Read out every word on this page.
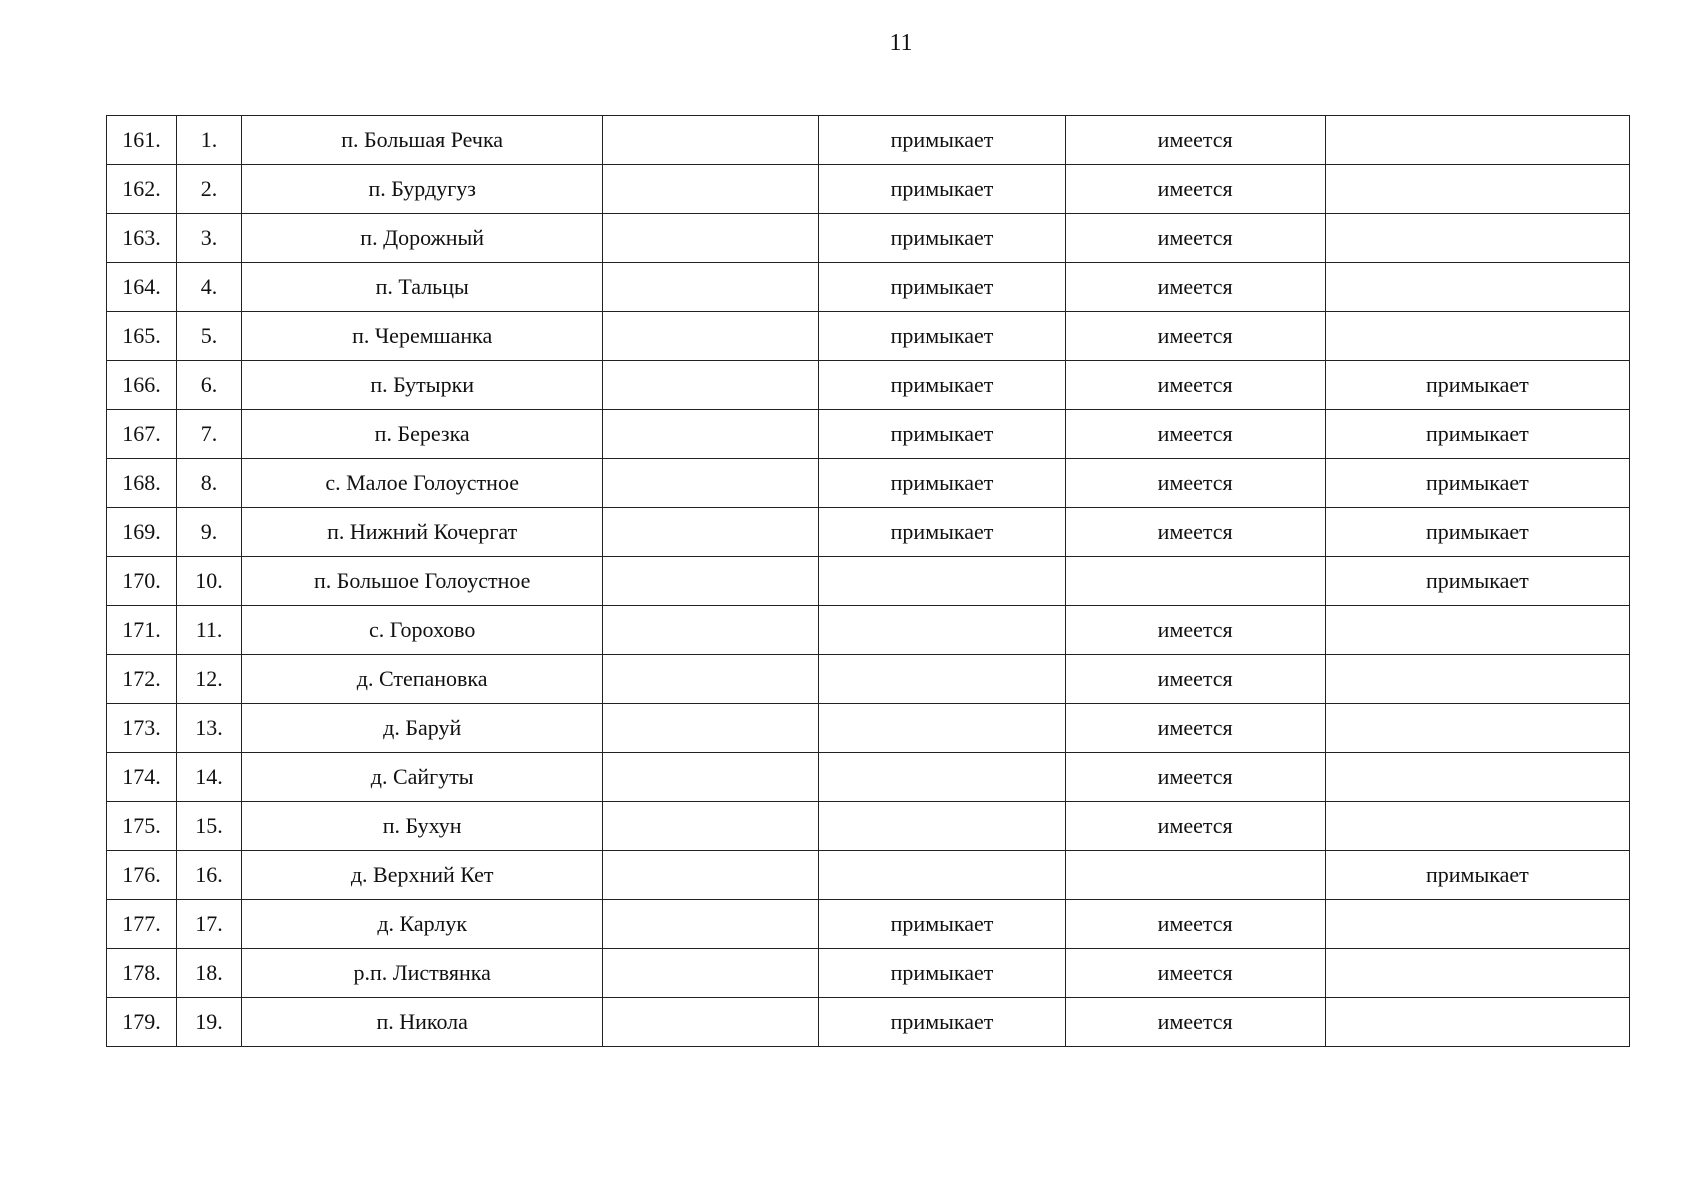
11
161.	1.	п. Большая Речка		примыкает	имеется	
162.	2.	п. Бурдугуз		примыкает	имеется	
163.	3.	п. Дорожный		примыкает	имеется	
164.	4.	п. Тальцы		примыкает	имеется	
165.	5.	п. Черемшанка		примыкает	имеется	
166.	6.	п. Бутырки		примыкает	имеется	примыкает
167.	7.	п. Березка		примыкает	имеется	примыкает
168.	8.	с. Малое Голоустное		примыкает	имеется	примыкает
169.	9.	п. Нижний Кочергат		примыкает	имеется	примыкает
170.	10.	п. Большое Голоустное				примыкает
171.	11.	с. Горохово			имеется	
172.	12.	д. Степановка			имеется	
173.	13.	д. Баруй			имеется	
174.	14.	д. Сайгуты			имеется	
175.	15.	п. Бухун			имеется	
176.	16.	д. Верхний Кет				примыкает
177.	17.	д. Карлук		примыкает	имеется	
178.	18.	р.п. Листвянка		примыкает	имеется	
179.	19.	п. Никола		примыкает	имеется	
